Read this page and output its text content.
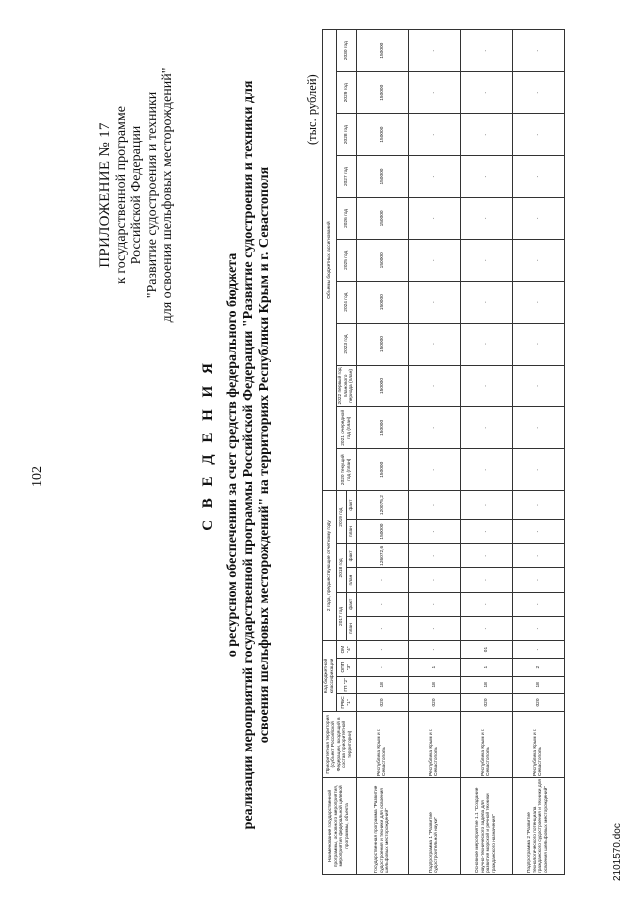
102
ПРИЛОЖЕНИЕ № 17 к государственной программе Российской Федерации "Развитие судостроения и техники для освоения шельфовых месторождений"
С В Е Д Е Н И Я о ресурсном обеспечении за счет средств федерального бюджета реализации мероприятий государственной программы Российской Федерации "Развитие судостроения и техники для освоения шельфовых месторождений" на территориях Республики Крым и г. Севастополя
(тыс. рублей)
Наименование государственной программы, основного мероприятия, мероприятия федеральной целевой программы, объекта	Приоритетная территория (субъект Российской Федерации, входящий в состав приоритетной территории)	Код бюджетной классификации				2 года, предшествующие отчетному году						Объемы бюджетных ассигнований										
		ГРБС "1"	ГП "2"	ОПП "3"	ОМ "4"	2017 год		2018 год		2019 год		2020 текущий год (план)	2021 очередной год (план)	2022 первый год планового периода (план)	2023 год	2024 год	2025 год	2026 год	2027 год	2028 год	2029 год	2030 год
						план	факт	план	факт	план	факт											
Государственная программа "Развитие судостроения и техники для освоения шельфовых месторождений"	Республика Крым и г. Севастополь	020	18	-	-	-	-	-	126072,6	150000	120075,2	150000	150000	150000	150000	150000	150000	150000	150000	150000	150000	150000
Подпрограмма 1 "Развитие судостроительной науки"	Республика Крым и г. Севастополь	020	18	1	-	-	-	-	-	-	-	-	-	-	-	-	-	-	-	-	-	-
Основное мероприятие 1.1 "Создание научно-технического задела для развития морской и речной техники гражданского назначения"	Республика Крым и г. Севастополь	020	18	1	01	-	-	-	-	-	-	-	-	-	-	-	-	-	-	-	-	-
Подпрограмма 2 "Развитие технологического потенциала гражданского судостроения и техники для освоения шельфовых месторождений"	Республика Крым и г. Севастополь	020	18	2	-	-	-	-	-	-	-	-	-	-	-	-	-	-	-	-	-	-
2101570.doc
